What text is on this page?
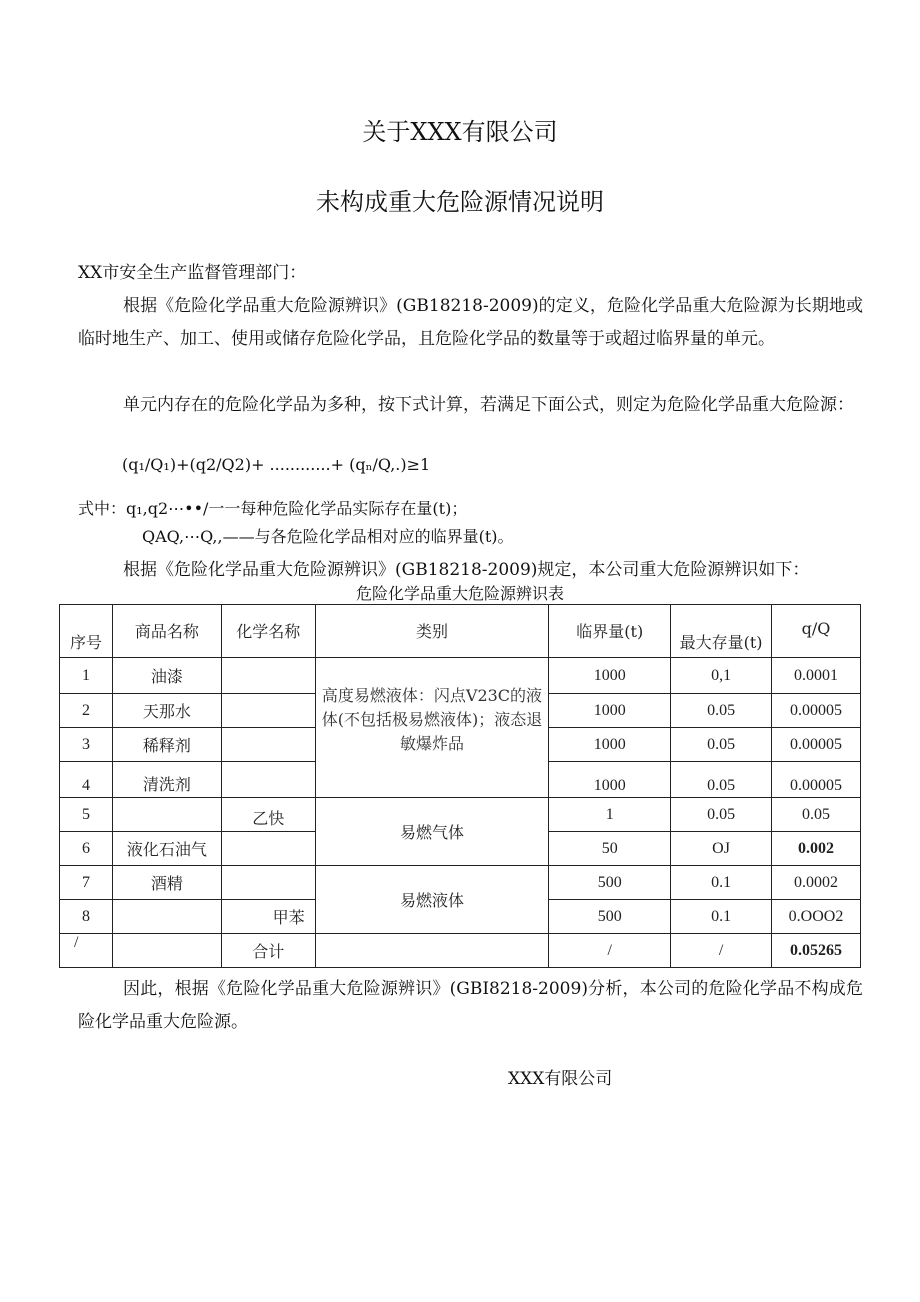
关于XXX有限公司
未构成重大危险源情况说明
XX市安全生产监督管理部门：
根据《危险化学品重大危险源辨识》(GB18218-2009)的定义，危险化学品重大危险源为长期地或临时地生产、加工、使用或储存危险化学品，且危险化学品的数量等于或超过临界量的单元。
单元内存在的危险化学品为多种，按下式计算，若满足下面公式，则定为危险化学品重大危险源：
(q₁/Q₁)+(q2/Q2)+ ............+ (qₙ/Q,.)≥1
式中：q₁,q2⋯••/一一每种危险化学品实际存在量(t)；
QAQ,⋯Q,,——与各危险化学品相对应的临界量(t)。
根据《危险化学品重大危险源辨识》(GB18218-2009)规定，本公司重大危险源辨识如下：
危险化学品重大危险源辨识表
序号	商品名称	化学名称	类别	临界量(t)	最大存量(t)	q/Q
1	油漆		高度易燃液体：闪点V23C的液体(不包括极易燃液体)；液态退敏爆炸品	1000	0,1	0.0001
2	天那水			1000	0.05	0.00005
3	稀释剂			1000	0.05	0.00005
4	清洗剂			1000	0.05	0.00005
5		乙快	易燃气体	1	0.05	0.05
6	液化石油气			50	OJ	0.002
7	酒精		易燃液体	500	0.1	0.0002
8		甲苯		500	0.1	0.OOO2
/		合计		/	/	0.05265
因此，根据《危险化学品重大危险源辨识》(GBI8218-2009)分析，本公司的危险化学品不构成危险化学品重大危险源。
XXX有限公司
